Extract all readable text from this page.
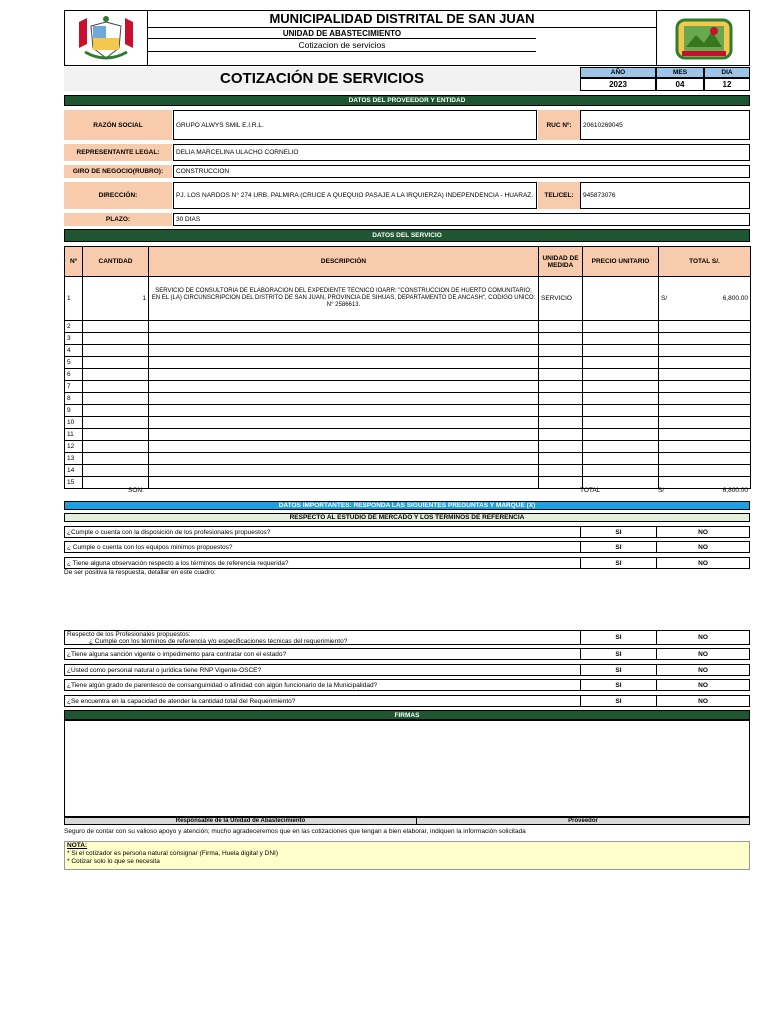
MUNICIPALIDAD DISTRITAL DE SAN JUAN
UNIDAD DE ABASTECIMIENTO
Cotizacion de servicios
COTIZACIÓN DE SERVICIOS	AÑO	MES	DIA
2023	04	12
DATOS DEL PROVEEDOR Y ENTIDAD
RAZÓN SOCIAL	GRUPO ALWYS SMIL E.I.R.L.	RUC Nº:	20610269045
REPRESENTANTE LEGAL:	DELIA MARCELINA ULACHO CORNELIO
GIRO DE NEGOCIO(RUBRO):	CONSTRUCCION
DIRECCIÓN:	PJ. LOS NARDOS N° 274 URB. PALMIRA (CRUCE A QUEQUIO PASAJE A LA IRQUIERZA) INDEPENDENCIA - HUARAZ.	TEL/CEL:	945873076
PLAZO:	30 DIAS
DATOS DEL SERVICIO
Nº	CANTIDAD	DESCRIPCIÓN	UNIDAD DE MEDIDA	PRECIO UNITARIO	TOTAL S/.
1	1	SERVICIO DE CONSULTORIA DE ELABORACION DEL EXPEDIENTE TECNICO IOARR: "CONSTRUCCION DE HUERTO COMUNITARIO; EN EL (LA) CIRCUNSCRIPCION DEL DISTRITO DE SAN JUAN, PROVINCIA DE SIHUAS, DEPARTAMENTO DE ANCASH", CODIGO UNICO: N° 2586613.	SERVICIO		S/ 6,800.00

2					
3					
4					
5					
6					
7					
8					
9					
10					
11					
12					
13					
14					
15					
SON:	TOTAL	S/	6,800.00
DATOS IMPORTANTES: RESPONDA LAS SIGUIENTES PREGUNTAS Y MARQUE (X)
RESPECTO AL ESTUDIO DE MERCADO Y LOS TERMINOS DE REFERENCIA
¿Cumple o cuenta con la disposición de los profesionales propuestos?	SI	NO
¿ Cumple o cuenta con los equipos minimos propuestos?	SI	NO
¿ Tiene alguna observación respecto a los términos de referencia requerida?	SI	NO
De ser positiva la respuesta, detallar en este cuadro:
Respecto de los Profesionales propuestos:
¿ Cumple con los términos de referencia y/o especificaciones técnicas del requerimiento?
SI	NO
¿Tiene alguna sanción vigente o impedimento para contratar con el estado?	SI	NO
¿Usted como personal natural o juridica tiene RNP Vigente-OSCE?	SI	NO
¿Tiene algún grado de parentesco de consanguinidad o afinidad con algún funcionario de la Municipalidad?	SI	NO
¿Se encuentra en la capacidad de atender la cantidad total del Requerimiento?	SI	NO
FIRMAS
Responsable de la Unidad de Abastecimiento	Proveedor
Seguro de contar con su valioso apoyo y atención; mucho agradeceremos que en las cotizaciones que tengan a bien elaborar, indiquen la información solicitada
NOTA:
* Si el cotizador es persona natural consignar (Firma, Huela digital y DNI)
* Cotizar solo lo que se necesita
